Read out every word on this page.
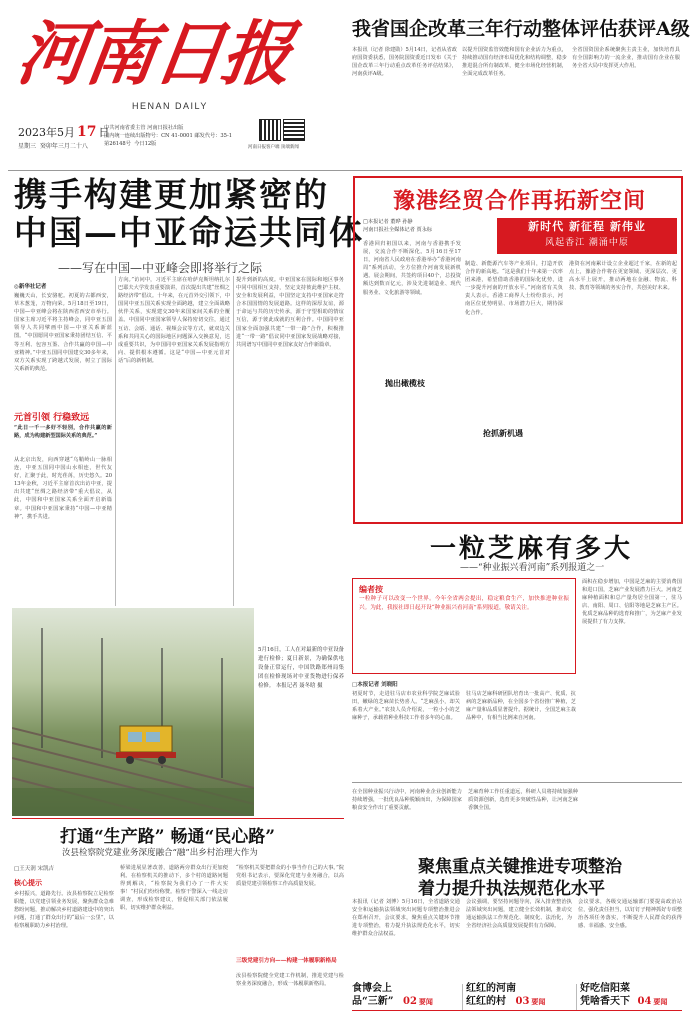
河南日报
HENAN DAILY
2023年5月 17 日
星期三 癸卯年三月二十八
中共河南省委主管 河南日报社出版
国内统一连续出版物号：CN 41-0001 邮发代号：35-1
第26148号 今日12版
河南日报客户端 顶端新闻
我省国企改革三年行动整体评估获评A级
本报讯（记者 徐建勋）5月14日，记者从省政府国资委获悉，国务院国资委近日发布《关于国企改革三年行动重点改革任务评估结果》，河南获评A级。
以提升国资监管效能和国有企业活力为重点，持续推动国有经济布局优化和结构调整，稳步推进混合所有制改革，健全市场化经营机制，全面完成改革任务。
全省国资国企系统聚焦主责主业，加快培育具有全国影响力的一流企业，推动国有企业在服务全省大局中发挥更大作用。
携手构建更加紧密的
中国—中亚命运共同体
——写在中国—中亚峰会即将举行之际
◎新华社记者
巍巍天山，长安骆驼。初夏的古都西安，草木葱茏，万物向荣。5月18日至19日，中国—中亚峰会将在陕西省西安市举行。国家主席习近平将主持峰会，同中亚五国领导人共同擘画中国—中亚关系新蓝图。“中国愿同中亚国家秉持团结互信、平等互利、包容互鉴、合作共赢的中国—中亚精神。”中亚五国同中国建交30多年来，双方关系实现了跨越式发展，树立了国际关系新的典范。
元首引领 行稳致远
“此日一千一多好不轻别，合作共赢的新路，成为构建新型国际关系的典范。”
从北京出发，向西穿越“乌鞘岭山一脉相连，中亚五国同中国山水相连，世代友好，汇聚于此，时光荏苒，历史悠久。2013年金秋，习近平主席首次出访中亚，提出共建“丝绸之路经济带”重大倡议，从此，中国和中亚国家关系全面开启新篇章。中国和中亚国家秉持“中国—中亚精神”，携手共进。
方向。”访问中，习近平主席在哈萨克斯坦纳扎尔巴耶夫大学发表重要演讲，首次提出共建“丝绸之路经济带”倡议。十年来，在元首外交引领下，中国同中亚五国关系实现全面跨越，建立全面战略伙伴关系，实现建交30年来国家间关系的全覆盖。中国同中亚国家领导人保持密切交往，通过互访、会晤、通话、视频会议等方式，就双边关系和共同关心的国际地区问题深入交换意见，达成重要共识，为中国同中亚国家关系发展指明方向、提供根本遵循。这是“中国—中亚元首对话”后的新机制。
提升到新的高度。中亚国家在国际和地区事务中同中国相互支持，坚定支持彼此维护主权、安全和发展利益，中国坚定支持中亚国家走符合本国国情的发展道路。这样的深厚友谊，源于命运与共的历史传承，源于守望相助的情谊互信，源于彼此成就的互利合作。中国同中亚国家全面加强共建“一带一路”合作，积极推进“一带一路”倡议同中亚国家发展战略对接，共同谱写中国同中亚国家友好合作新篇章。
5月16日，工人在对最新的中亚设备进行检修；夏日新景，为确保供电设备正常运行，中国铁路郑州局集团在检修现场对中亚货物进行保养检修。 本报记者 聂冬晗 摄
豫港经贸合作再拓新空间
□本报记者 董晔 孙静
河南日报社全媒体记者 贾永标	新时代 新征程 新伟业
风起香江 潮涌中原
香港回归祖国以来，河南与香港携手发展，交流合作不断深化。5月16日至17日，河南省人民政府在香港举办“香港河南周”系列活动，全方位推介河南发展新机遇。展会期间，共签约项目40个，总投资额达到数百亿元，涉及先进制造业、现代服务业、文化旅游等领域。
抛出橄榄枝
制造、新能源汽车等产业项目，打造开放合作的新高地。“这是我们十年来第一次率团来港，希望借助香港的国际化优势，进一步提升河南的开放水平。”河南省有关负责人表示。香港工商界人士纷纷表示，河南区位优势明显、市场潜力巨大，期待深化合作。
抢抓新机遇
港资在河南累计设立企业超过千家，在新的起点上，豫港合作将在更宽领域、更深层次、更高水平上展开，推动两地在金融、物流、科技、教育等领域的务实合作，共创美好未来。
一粒芝麻有多大
——“种业振兴看河南”系列报道之一
编者按
一粒种子可以改变一个世界。今年全省两会提出，稳定粮食生产，加快推进种业振兴。为此，我报社即日起开设“种业振兴看河南”系列报道，敬请关注。
面积在稳步增加，中国是芝麻的主要消费国和进口国，芝麻产业发展潜力巨大。河南芝麻种植面积和总产量均居全国第一，驻马店、南阳、周口、信阳等地是芝麻主产区。优质芝麻品种的选育和推广，为芝麻产业发展提供了有力支撑。
□本报记者 刘晓阳
初夏时节，走进驻马店市农业科学院芝麻试验田，嫩绿的芝麻苗长势喜人。“芝麻虽小，却关系着大产业。”农技人员介绍说，一粒小小的芝麻种子，承载着种业科技工作者多年的心血。
驻马店芝麻科研团队培育出一批高产、优质、抗病的芝麻新品种，在全国多个省份推广种植，芝麻产量和品质显著提升。据统计，全国芝麻主栽品种中，有相当比例来自河南。
打通“生产路” 畅通“民心路”
汝县检察院党建业务深度融合“融”出乡村治理大作为
□王天润 宋凯吉
核心提示
乡村振兴，道路先行。汝县检察院立足检察职能，以党建引领业务发展，聚焦群众急难愁盼问题，推动解决乡村道路建设中的突出问题，打通了群众出行的“最后一公里”，以检察履职助力乡村治理。
桥梁进展显著改善，道路两旁群众出行更加便利。在检察机关的推动下，多个村的道路问题得到解决，“检察院为我们办了一件大实事！”村民们纷纷称赞。检察干警深入一线走访调查，形成检察建议，督促相关部门依法履职，切实维护群众利益。
三级党建引方向——构建一体履职新格局
“检察机关要把群众的小事当作自己的大事。”院党组书记表示，要深化党建与业务融合，以高质量党建引领检察工作高质量发展。
汝县检察院健全党建工作机制，推进党建与检察业务深度融合，形成一体履职新格局。
在全国种业振兴行动中，河南种业企业创新能力持续增强，一批优良品种脱颖而出，为保障国家粮食安全作出了重要贡献。
芝麻育种工作任重道远，科研人员将持续加强种质资源创新，选育更多突破性品种，让河南芝麻香飘全国。
聚焦重点关键推进专项整治
着力提升执法规范化水平
本报讯（记者 刘博）5月16日，全省道路交通安全和运输执法领域突出问题专项整治推进会在郑州召开，会议要求，聚焦重点关键环节推进专项整治，着力提升执法规范化水平，切实维护群众合法权益。
会议强调，要坚持问题导向，深入排查整治执法领域突出问题，建立健全长效机制，推动交通运输执法工作规范化、制度化、法治化，为全省经济社会高质量发展提供有力保障。
会议要求，各级交通运输部门要提高政治站位，强化责任担当，以钉钉子精神抓好专项整治各项任务落实，不断提升人民群众的获得感、幸福感、安全感。
食博会上
品“三新” 02 要闻
红红的河南
红红的村 03 要闻
好吃信阳菜
凭啥香天下 04 要闻
